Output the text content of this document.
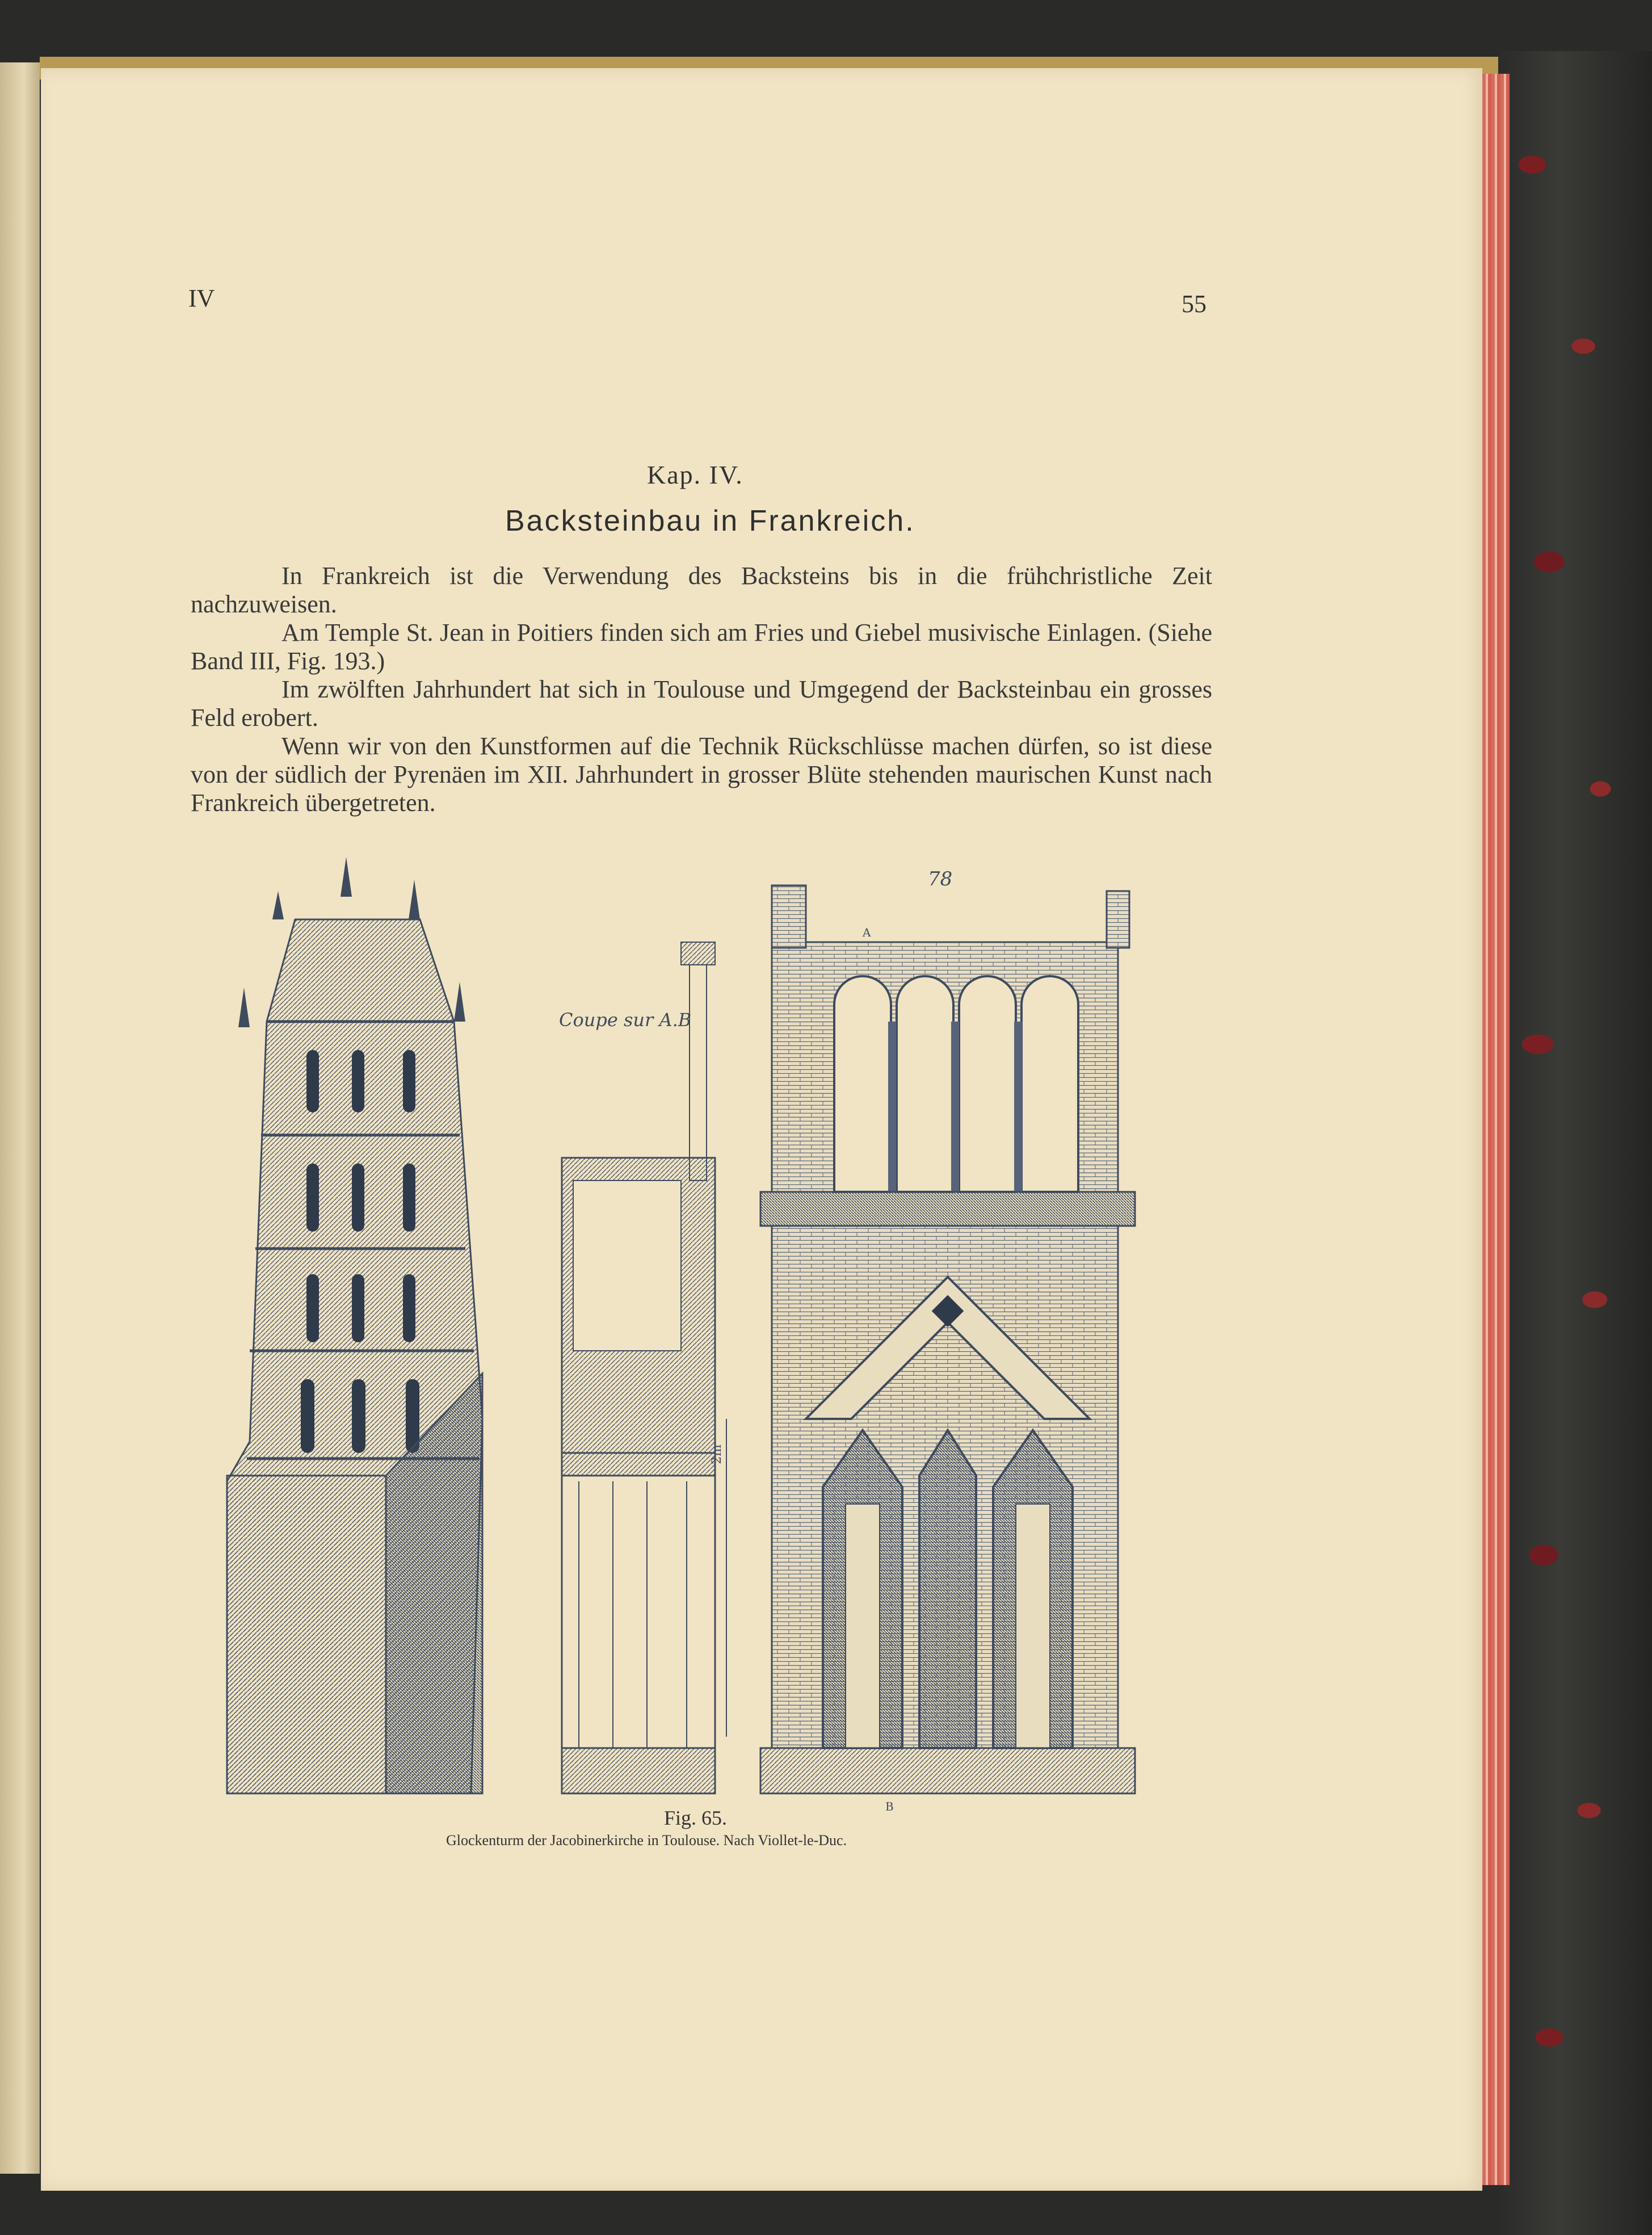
IV	55
Kap. IV.
Backsteinbau in Frankreich.

In Frankreich ist die Verwendung des Backsteins bis in die frühchristliche Zeit nachzuweisen.

Am Temple St. Jean in Poitiers finden sich am Fries und Giebel musivische Einlagen. (Siehe Band III, Fig. 193.)

Im zwölften Jahrhundert hat sich in Toulouse und Umgegend der Backsteinbau ein grosses Feld erobert.

Wenn wir von den Kunstformen auf die Technik Rückschlüsse machen dürfen, so ist diese von der südlich der Pyrenäen im XII. Jahrhundert in grosser Blüte stehenden maurischen Kunst nach Frankreich übergetreten.

Coupe sur A.B
2m
78
A
B
Fig. 65.
Glockenturm der Jacobinerkirche in Toulouse. Nach Viollet-le-Duc.
